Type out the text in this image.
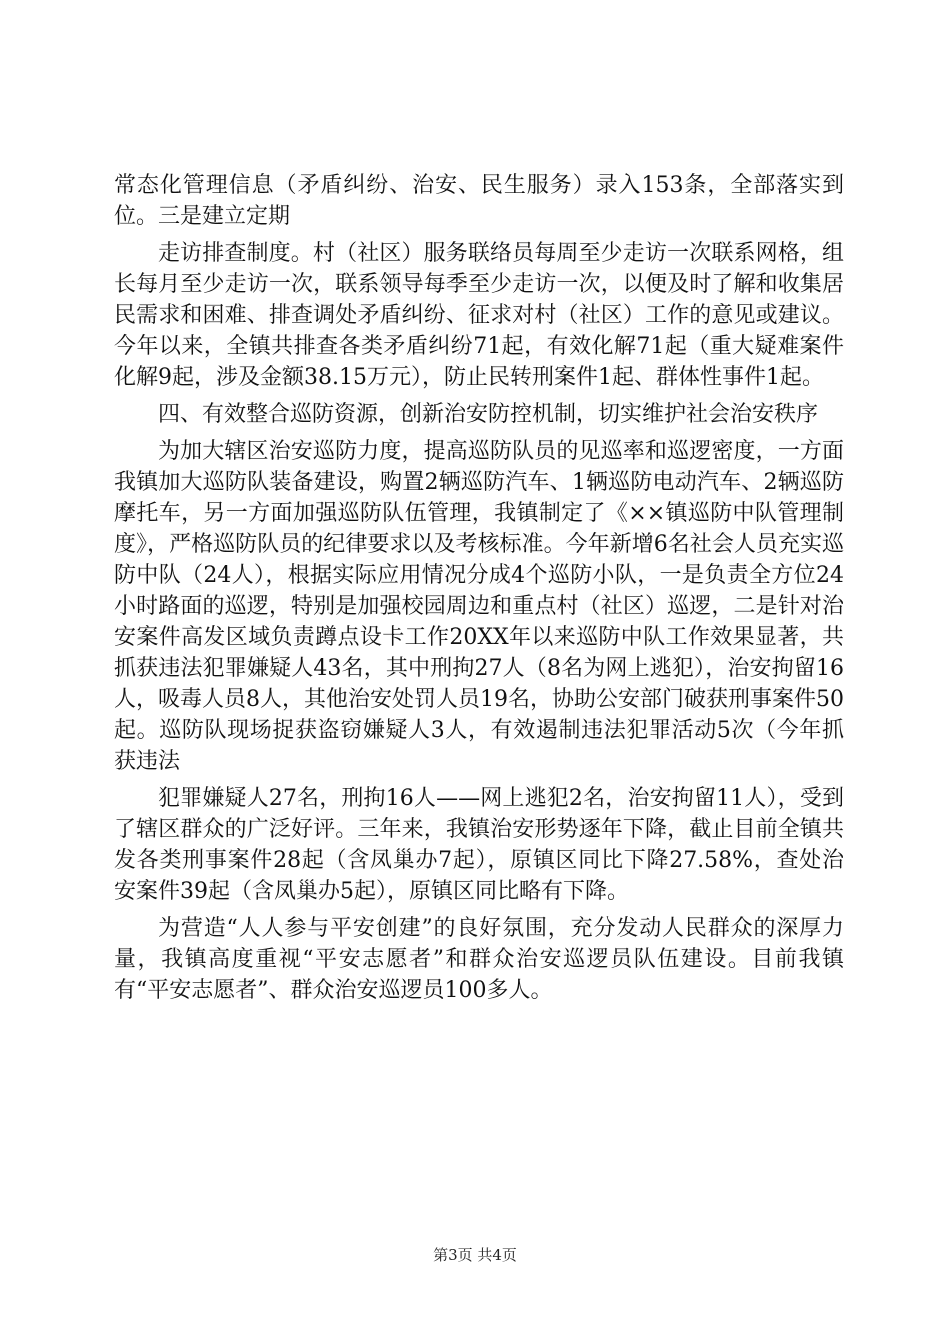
常态化管理信息（矛盾纠纷、治安、民生服务）录入153条，全部落实到位。三是建立定期

走访排查制度。村（社区）服务联络员每周至少走访一次联系网格，组长每月至少走访一次，联系领导每季至少走访一次，以便及时了解和收集居民需求和困难、排查调处矛盾纠纷、征求对村（社区）工作的意见或建议。今年以来，全镇共排查各类矛盾纠纷71起，有效化解71起（重大疑难案件化解9起，涉及金额38.15万元），防止民转刑案件1起、群体性事件1起。

四、有效整合巡防资源，创新治安防控机制，切实维护社会治安秩序

为加大辖区治安巡防力度，提高巡防队员的见巡率和巡逻密度，一方面我镇加大巡防队装备建设，购置2辆巡防汽车、1辆巡防电动汽车、2辆巡防摩托车，另一方面加强巡防队伍管理，我镇制定了《××镇巡防中队管理制度》，严格巡防队员的纪律要求以及考核标准。今年新增6名社会人员充实巡防中队（24人），根据实际应用情况分成4个巡防小队，一是负责全方位24小时路面的巡逻，特别是加强校园周边和重点村（社区）巡逻，二是针对治安案件高发区域负责蹲点设卡工作20XX年以来巡防中队工作效果显著，共抓获违法犯罪嫌疑人43名，其中刑拘27人（8名为网上逃犯），治安拘留16人，吸毒人员8人，其他治安处罚人员19名，协助公安部门破获刑事案件50起。巡防队现场捉获盗窃嫌疑人3人，有效遏制违法犯罪活动5次（今年抓获违法

犯罪嫌疑人27名，刑拘16人——网上逃犯2名，治安拘留11人），受到了辖区群众的广泛好评。三年来，我镇治安形势逐年下降，截止目前全镇共发各类刑事案件28起（含凤巢办7起），原镇区同比下降27.58%，查处治安案件39起（含凤巢办5起），原镇区同比略有下降。

为营造“人人参与平安创建”的良好氛围，充分发动人民群众的深厚力量，我镇高度重视“平安志愿者”和群众治安巡逻员队伍建设。目前我镇有“平安志愿者”、群众治安巡逻员100多人。

第3页 共4页
